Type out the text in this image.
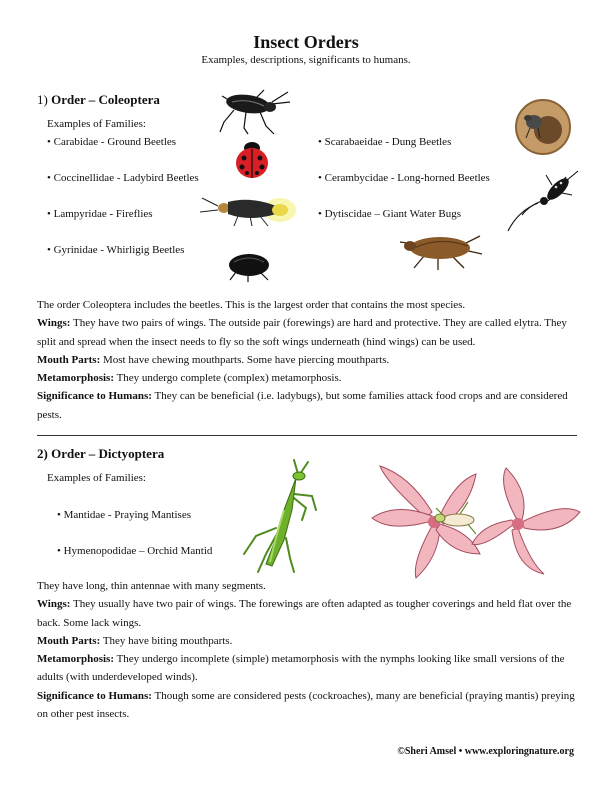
Insect Orders
Examples, descriptions, significants to humans.
1) Order – Coleoptera
Examples of Families:
• Carabidae - Ground Beetles
• Coccinellidae - Ladybird Beetles
• Lampyridae - Fireflies
• Gyrinidae - Whirligig Beetles
• Scarabaeidae - Dung Beetles
• Cerambycidae - Long-horned Beetles
• Dytiscidae – Giant Water Bugs

The order Coleoptera includes the beetles. This is the largest order that contains the most species.

Wings: They have two pairs of wings. The outside pair (forewings) are hard and protective. They are called elytra. They split and spread when the insect needs to fly so the soft wings underneath (hind wings) can be used.

Mouth Parts: Most have chewing mouthparts. Some have piercing mouthparts.

Metamorphosis: They undergo complete (complex) metamorphosis.

Significance to Humans: They can be beneficial (i.e. ladybugs), but some families attack food crops and are considered pests.

2) Order – Dictyoptera
Examples of Families:
• Mantidae - Praying Mantises
• Hymenopodidae – Orchid Mantid

They have long, thin antennae with many segments.

Wings: They usually have two pair of wings. The forewings are often adapted as tougher coverings and held flat over the back. Some lack wings.

Mouth Parts: They have biting mouthparts.

Metamorphosis: They undergo incomplete (simple) metamorphosis with the nymphs looking like small versions of the adults (with underdeveloped winds).

Significance to Humans: Though some are considered pests (cockroaches), many are beneficial (praying mantis) preying on other pest insects.

©Sheri Amsel • www.exploringnature.org
